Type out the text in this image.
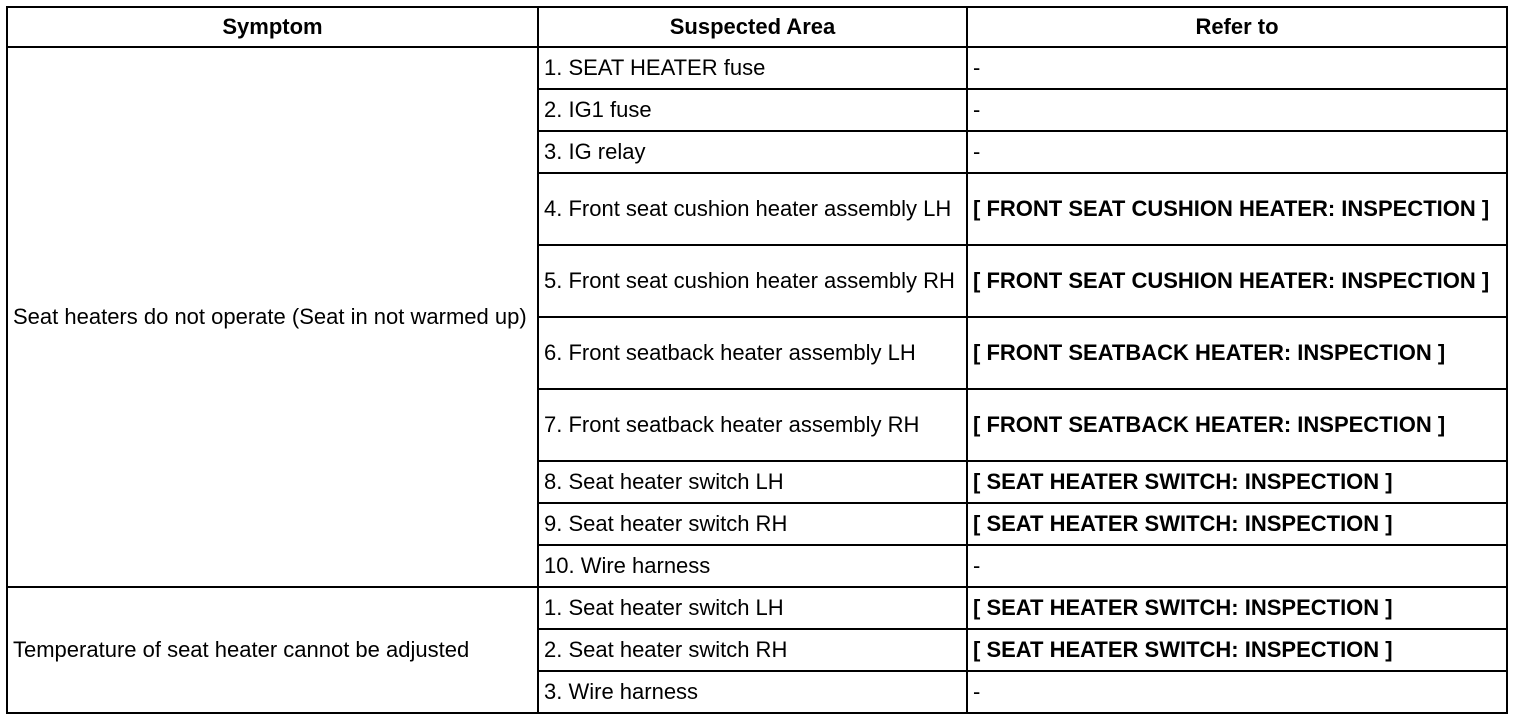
Symptom	Suspected Area	Refer to
Seat heaters do not operate (Seat in not warmed up)	1. SEAT HEATER fuse	-
	2. IG1 fuse	-
	3. IG relay	-
	4. Front seat cushion heater assembly LH	[ FRONT SEAT CUSHION HEATER: INSPECTION ]
	5. Front seat cushion heater assembly RH	[ FRONT SEAT CUSHION HEATER: INSPECTION ]
	6. Front seatback heater assembly LH	[ FRONT SEATBACK HEATER: INSPECTION ]
	7. Front seatback heater assembly RH	[ FRONT SEATBACK HEATER: INSPECTION ]
	8. Seat heater switch LH	[ SEAT HEATER SWITCH: INSPECTION ]
	9. Seat heater switch RH	[ SEAT HEATER SWITCH: INSPECTION ]
	10. Wire harness	-
Temperature of seat heater cannot be adjusted	1. Seat heater switch LH	[ SEAT HEATER SWITCH: INSPECTION ]
	2. Seat heater switch RH	[ SEAT HEATER SWITCH: INSPECTION ]
	3. Wire harness	-
